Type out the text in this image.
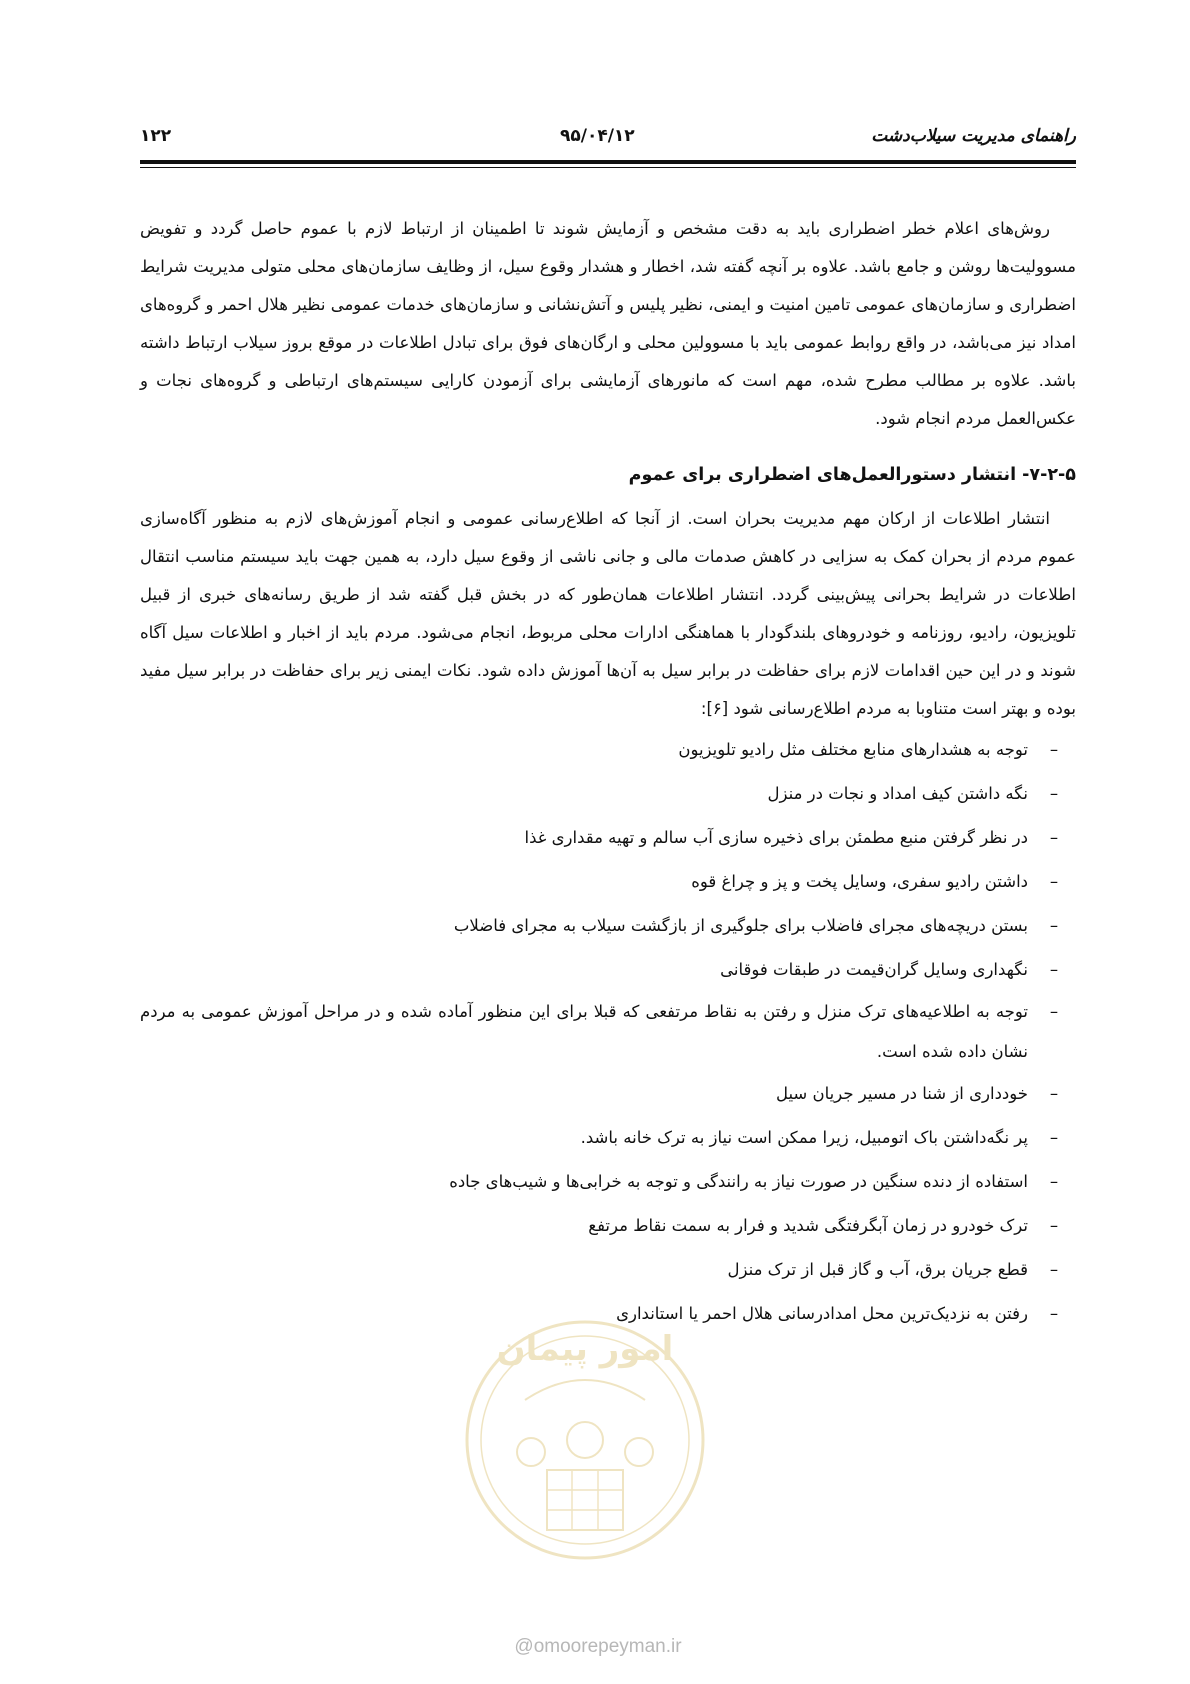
۱۲۲	۹۵/۰۴/۱۲	راهنمای مدیریت سیلاب‌دشت

روش‌های اعلام خطر اضطراری باید به دقت مشخص و آزمایش شوند تا اطمینان از ارتباط لازم با عموم حاصل گردد و تفویض مسوولیت‌ها روشن و جامع باشد. علاوه بر آنچه گفته شد، اخطار و هشدار وقوع سیل، از وظایف سازمان‌های محلی متولی مدیریت شرایط اضطراری و سازمان‌های عمومی تامین امنیت و ایمنی، نظیر پلیس و آتش‌نشانی و سازمان‌های خدمات عمومی نظیر هلال احمر و گروه‌های امداد نیز می‌باشد، در واقع روابط عمومی باید با مسوولین محلی و ارگان‌های فوق برای تبادل اطلاعات در موقع بروز سیلاب ارتباط داشته باشد. علاوه بر مطالب مطرح شده، مهم است که مانورهای آزمایشی برای آزمودن کارایی سیستم‌های ارتباطی و گروه‌های نجات و عکس‌العمل مردم انجام شود.

۷-۲-۵- انتشار دستورالعمل‌های اضطراری برای عموم

انتشار اطلاعات از ارکان مهم مدیریت بحران است. از آنجا که اطلاع‌رسانی عمومی و انجام آموزش‌های لازم به منظور آگاه‌سازی عموم مردم از بحران کمک به سزایی در کاهش صدمات مالی و جانی ناشی از وقوع سیل دارد، به همین جهت باید سیستم مناسب انتقال اطلاعات در شرایط بحرانی پیش‌بینی گردد. انتشار اطلاعات همان‌طور که در بخش قبل گفته شد از طریق رسانه‌های خبری از قبیل تلویزیون، رادیو، روزنامه و خودروهای بلندگودار با هماهنگی ادارات محلی مربوط، انجام می‌شود. مردم باید از اخبار و اطلاعات سیل آگاه شوند و در این حین اقدامات لازم برای حفاظت در برابر سیل به آن‌ها آموزش داده شود. نکات ایمنی زیر برای حفاظت در برابر سیل مفید بوده و بهتر است متناوبا به مردم اطلاع‌رسانی شود [۶]:

–
توجه به هشدارهای منابع مختلف مثل رادیو تلویزیون
–
نگه داشتن کیف امداد و نجات در منزل
–
در نظر گرفتن منبع مطمئن برای ذخیره سازی آب سالم و تهیه مقداری غذا
–
داشتن رادیو سفری، وسایل پخت و پز و چراغ قوه
–
بستن دریچه‌های مجرای فاضلاب برای جلوگیری از بازگشت سیلاب به مجرای فاضلاب
–
نگهداری وسایل گران‌قیمت در طبقات فوقانی
–
توجه به اطلاعیه‌های ترک منزل و رفتن به نقاط مرتفعی که قبلا برای این منظور آماده شده و در مراحل آموزش عمومی به مردم نشان داده شده است.
–
خودداری از شنا در مسیر جریان سیل
–
پر نگه‌داشتن باک اتومبیل، زیرا ممکن است نیاز به ترک خانه باشد.
–
استفاده از دنده سنگین در صورت نیاز به رانندگی و توجه به خرابی‌ها و شیب‌های جاده
–
ترک خودرو در زمان آبگرفتگی شدید و فرار به سمت نقاط مرتفع
–
قطع جریان برق، آب و گاز قبل از ترک منزل
–
رفتن به نزدیک‌ترین محل امدادرسانی هلال احمر یا استانداری
امور پیمان
@omoorepeyman.ir
